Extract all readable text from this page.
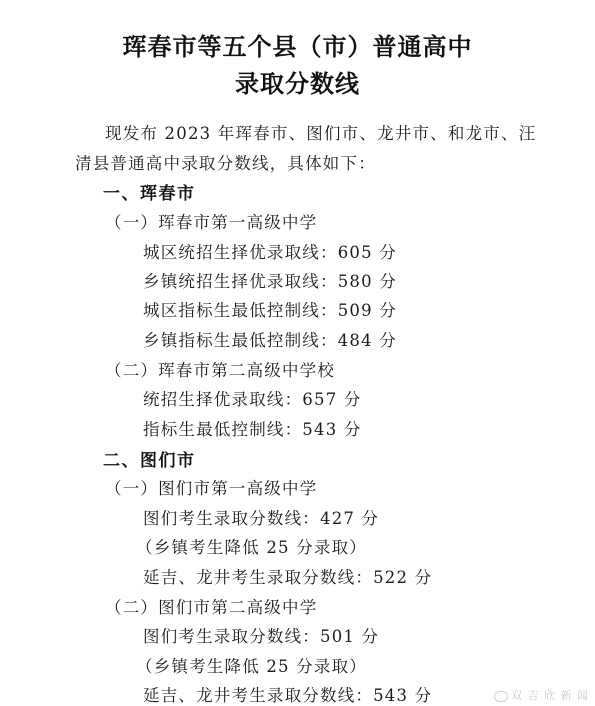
珲春市等五个县（市）普通高中
录取分数线
现发布 2023 年珲春市、图们市、龙井市、和龙市、汪
清县普通高中录取分数线，具体如下：
一、珲春市
（一）珲春市第一高级中学
城区统招生择优录取线：605 分
乡镇统招生择优录取线：580 分
城区指标生最低控制线：509 分
乡镇指标生最低控制线：484 分
（二）珲春市第二高级中学校
统招生择优录取线：657 分
指标生最低控制线：543 分
二、图们市
（一）图们市第一高级中学
图们考生录取分数线：427 分
（乡镇考生降低 25 分录取）
延吉、龙井考生录取分数线：522 分
（二）图们市第二高级中学
图们考生录取分数线：501 分
（乡镇考生降低 25 分录取）
延吉、龙井考生录取分数线：543 分	双 吉 欣 新 闻
